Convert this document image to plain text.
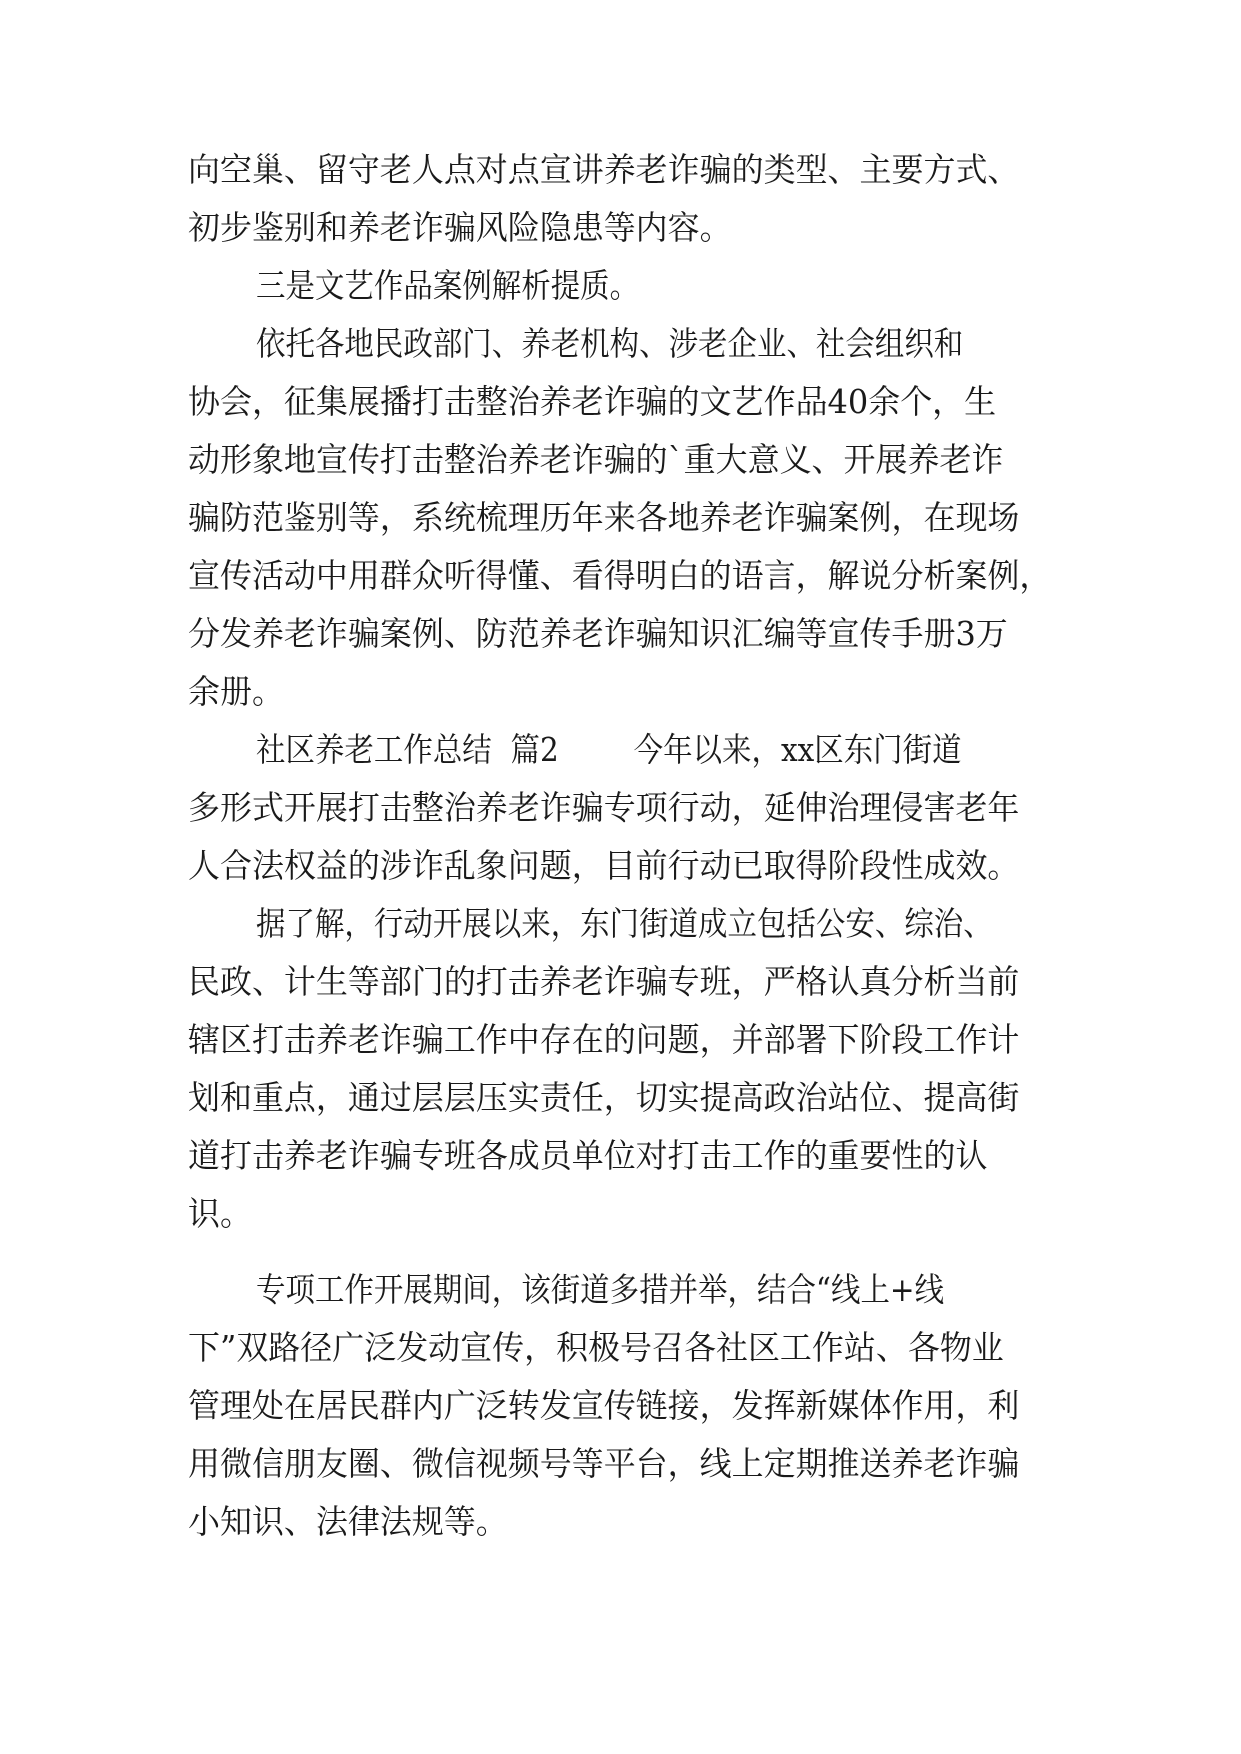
向空巢、留守老人点对点宣讲养老诈骗的类型、主要方式、
初步鉴别和养老诈骗风险隐患等内容。
三是文艺作品案例解析提质。
依托各地民政部门、养老机构、涉老企业、社会组织和
协会，征集展播打击整治养老诈骗的文艺作品40余个，生
动形象地宣传打击整治养老诈骗的`重大意义、开展养老诈
骗防范鉴别等，系统梳理历年来各地养老诈骗案例，在现场
宣传活动中用群众听得懂、看得明白的语言，解说分析案例，
分发养老诈骗案例、防范养老诈骗知识汇编等宣传手册3万
余册。
社区养老工作总结  篇2        今年以来，xx区东门街道
多形式开展打击整治养老诈骗专项行动，延伸治理侵害老年
人合法权益的涉诈乱象问题，目前行动已取得阶段性成效。
据了解，行动开展以来，东门街道成立包括公安、综治、
民政、计生等部门的打击养老诈骗专班，严格认真分析当前
辖区打击养老诈骗工作中存在的问题，并部署下阶段工作计
划和重点，通过层层压实责任，切实提高政治站位、提高街
道打击养老诈骗专班各成员单位对打击工作的重要性的认
识。
专项工作开展期间，该街道多措并举，结合“线上+线
下”双路径广泛发动宣传，积极号召各社区工作站、各物业
管理处在居民群内广泛转发宣传链接，发挥新媒体作用，利
用微信朋友圈、微信视频号等平台，线上定期推送养老诈骗
小知识、法律法规等。
